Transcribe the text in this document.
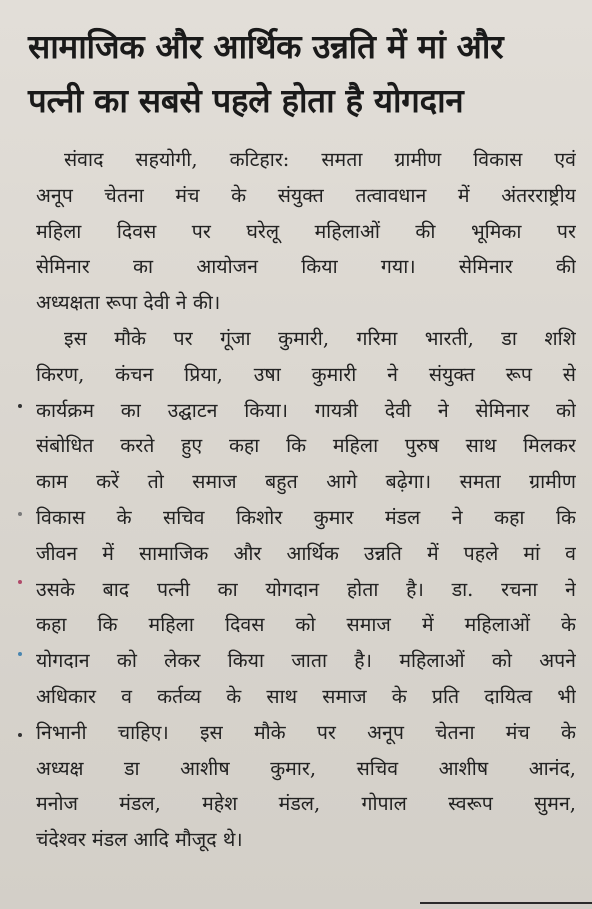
सामाजिक और आर्थिक उन्नति में मां और
पत्नी का सबसे पहले होता है योगदान

संवाद सहयोगी, कटिहार: समता ग्रामीण विकास एवं
अनूप चेतना मंच के संयुक्त तत्वावधान में अंतरराष्ट्रीय
महिला दिवस पर घरेलू महिलाओं की भूमिका पर
सेमिनार का आयोजन किया गया। सेमिनार की
अध्यक्षता रूपा देवी ने की।

इस मौके पर गूंजा कुमारी, गरिमा भारती, डा शशि
किरण, कंचन प्रिया, उषा कुमारी ने संयुक्त रूप से
कार्यक्रम का उद्घाटन किया। गायत्री देवी ने सेमिनार को
संबोधित करते हुए कहा कि महिला पुरुष साथ मिलकर
काम करें तो समाज बहुत आगे बढ़ेगा। समता ग्रामीण
विकास के सचिव किशोर कुमार मंडल ने कहा कि
जीवन में सामाजिक और आर्थिक उन्नति में पहले मां व
उसके बाद पत्नी का योगदान होता है। डा. रचना ने
कहा कि महिला दिवस को समाज में महिलाओं के
योगदान को लेकर किया जाता है। महिलाओं को अपने
अधिकार व कर्तव्य के साथ समाज के प्रति दायित्व भी
निभानी चाहिए। इस मौके पर अनूप चेतना मंच के
अध्यक्ष डा आशीष कुमार, सचिव आशीष आनंद,
मनोज मंडल, महेश मंडल, गोपाल स्वरूप सुमन,
चंदेश्वर मंडल आदि मौजूद थे।
